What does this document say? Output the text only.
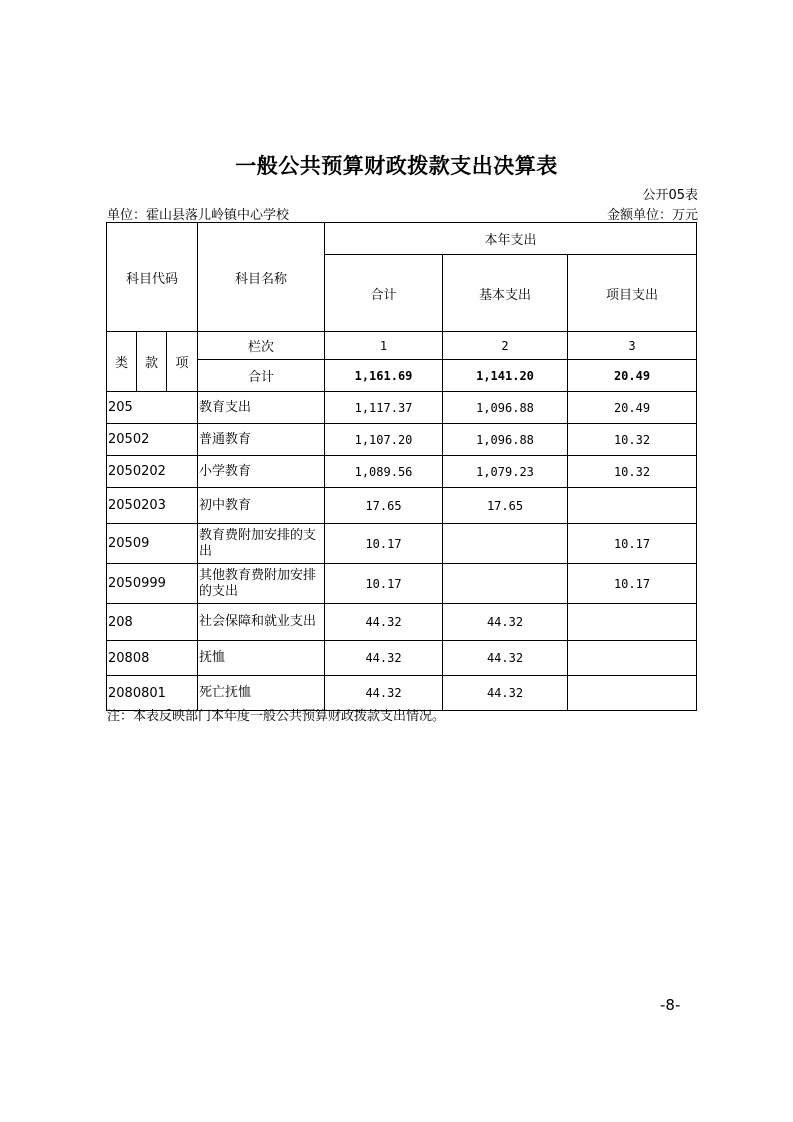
一般公共预算财政拨款支出决算表
公开05表
单位：霍山县落儿岭镇中心学校	金额单位：万元
科目代码			科目名称	本年支出		
				合计	基本支出	项目支出
类	款	项	栏次	1	2	3
			合计	1,161.69	1,141.20	20.49
205			教育支出	1,117.37	1,096.88	20.49
20502			普通教育	1,107.20	1,096.88	10.32
2050202			小学教育	1,089.56	1,079.23	10.32
2050203			初中教育	17.65	17.65	
20509			教育费附加安排的支出	10.17		10.17
2050999			其他教育费附加安排的支出	10.17		10.17
208			社会保障和就业支出	44.32	44.32	
20808			抚恤	44.32	44.32	
2080801			死亡抚恤	44.32	44.32	
注：本表反映部门本年度一般公共预算财政拨款支出情况。
-8-
